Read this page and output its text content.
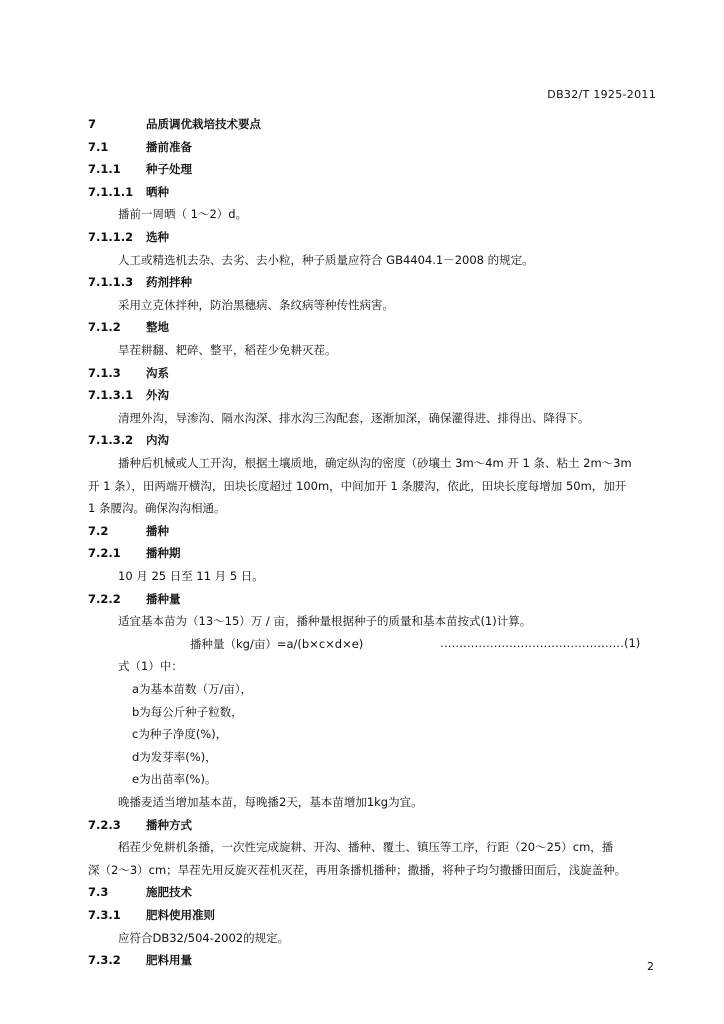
DB32/T 1925-2011
7	品质调优栽培技术要点
7.1	播前准备
7.1.1 种子处理
7.1.1.1 晒种
播前一周晒（ 1～2）d。
7.1.1.2 选种
人工或精选机去杂、去劣、去小粒，种子质量应符合 GB4404.1－2008 的规定。
7.1.1.3 药剂拌种
采用立克休拌种，防治黑穗病、条纹病等种传性病害。
7.1.2 整地
旱茬耕翻、耙碎、整平，稻茬少免耕灭茬。
7.1.3 沟系
7.1.3.1 外沟
清理外沟，导渗沟、隔水沟深、排水沟三沟配套，逐渐加深，确保灌得进、排得出、降得下。
7.1.3.2 内沟
播种后机械或人工开沟，根据土壤质地，确定纵沟的密度（砂壤土 3m～4m 开 1 条、粘土 2m～3m
开 1 条），田两端开横沟，田块长度超过 100m，中间加开 1 条腰沟，依此，田块长度每增加 50m，加开
1 条腰沟。确保沟沟相通。
7.2	播种
7.2.1 播种期
10 月 25 日至 11 月 5 日。
7.2.2 播种量
适宜基本苗为（13～15）万 / 亩，播种量根据种子的质量和基本苗按式(1)计算。
播种量（kg/亩）=a/(b×c×d×e)	…………………………………………(1)
式（1）中：
a为基本苗数（万/亩），
b为每公斤种子粒数，
c为种子净度(%)，
d为发芽率(%)，
e为出苗率(%)。
晚播麦适当增加基本苗，每晚播2天，基本苗增加1kg为宜。
7.2.3 播种方式
稻茬少免耕机条播，一次性完成旋耕、开沟、播种、覆土、镇压等工序，行距（20～25）cm，播
深（2～3）cm；旱茬先用反旋灭茬机灭茬，再用条播机播种；撒播，将种子均匀撒播田面后，浅旋盖种。
7.3	施肥技术
7.3.1 肥料使用准则
应符合DB32/504-2002的规定。
7.3.2 肥料用量	2
